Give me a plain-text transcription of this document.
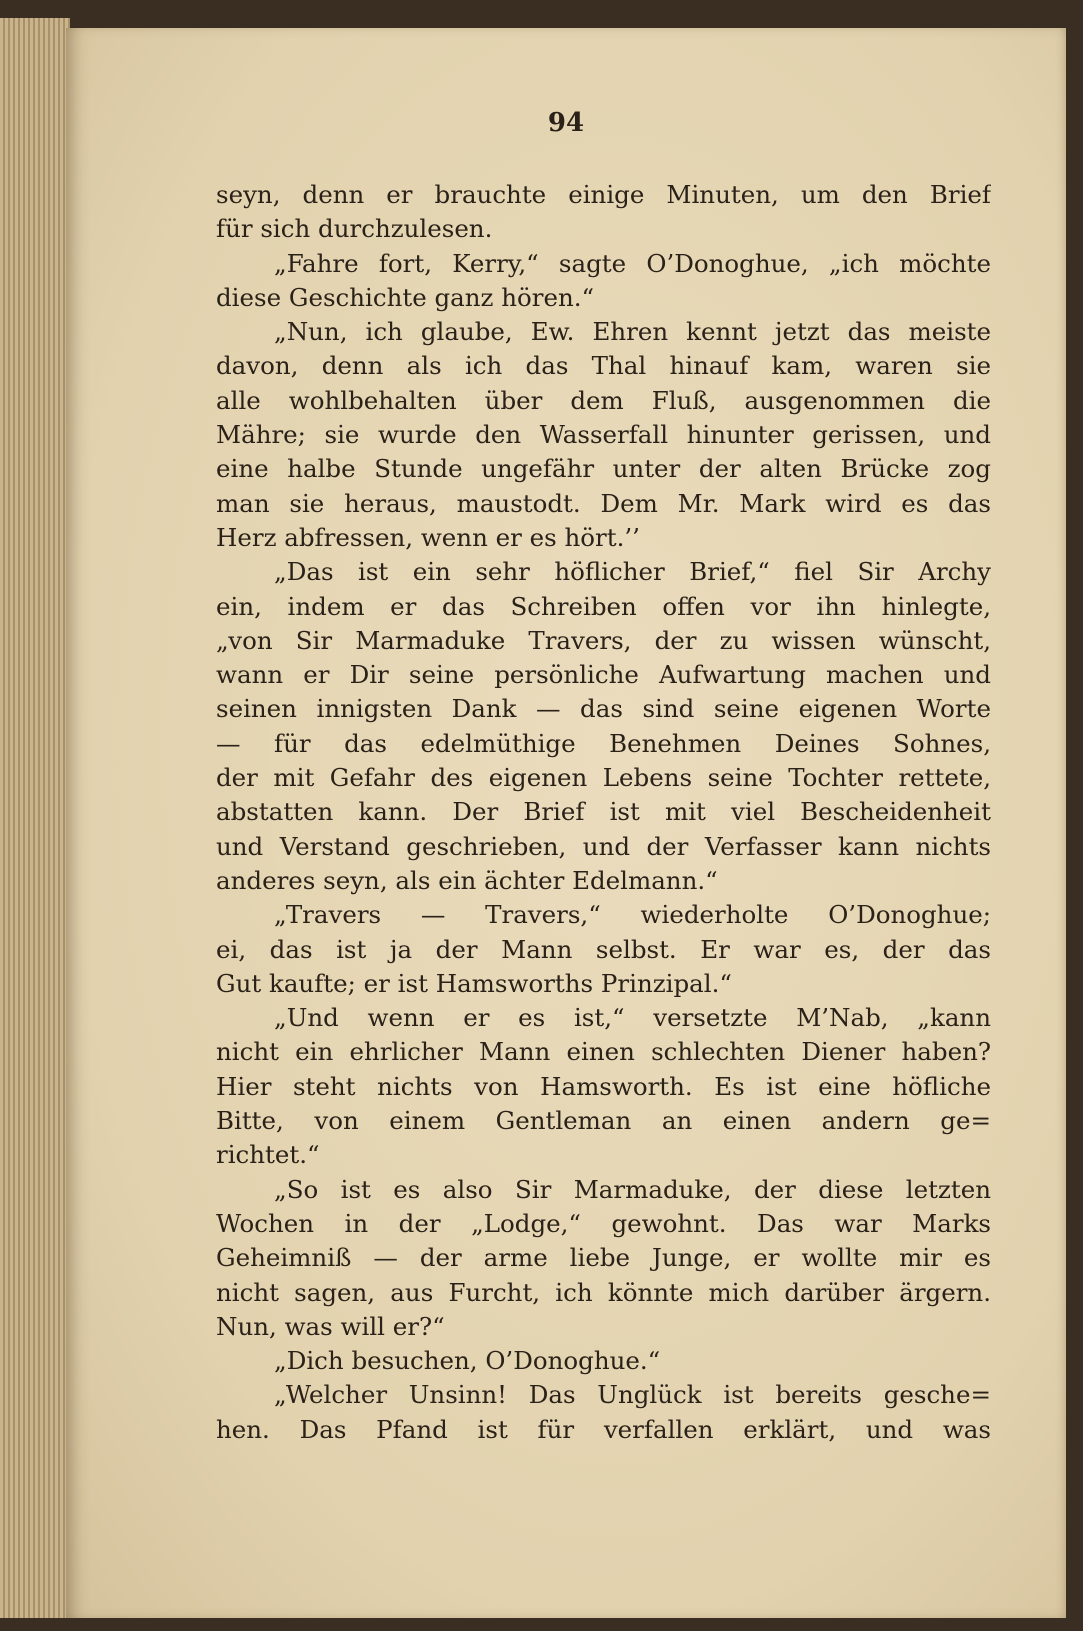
94

seyn, denn er brauchte einige Minuten, um den Brief
für sich durchzulesen.
„Fahre fort, Kerry,“ sagte O’Donoghue, „ich möchte
diese Geschichte ganz hören.“
„Nun, ich glaube, Ew. Ehren kennt jetzt das meiste
davon, denn als ich das Thal hinauf kam, waren sie
alle wohlbehalten über dem Fluß, ausgenommen die
Mähre; sie wurde den Wasserfall hinunter gerissen, und
eine halbe Stunde ungefähr unter der alten Brücke zog
man sie heraus, maustodt. Dem Mr. Mark wird es das
Herz abfressen, wenn er es hört.’’
„Das ist ein sehr höflicher Brief,“ fiel Sir Archy
ein, indem er das Schreiben offen vor ihn hinlegte,
„von Sir Marmaduke Travers, der zu wissen wünscht,
wann er Dir seine persönliche Aufwartung machen und
seinen innigsten Dank — das sind seine eigenen Worte
— für das edelmüthige Benehmen Deines Sohnes,
der mit Gefahr des eigenen Lebens seine Tochter rettete,
abstatten kann. Der Brief ist mit viel Bescheidenheit
und Verstand geschrieben, und der Verfasser kann nichts
anderes seyn, als ein ächter Edelmann.“
„Travers — Travers,“ wiederholte O’Donoghue;
ei, das ist ja der Mann selbst. Er war es, der das
Gut kaufte; er ist Hamsworths Prinzipal.“
„Und wenn er es ist,“ versetzte M’Nab, „kann
nicht ein ehrlicher Mann einen schlechten Diener haben?
Hier steht nichts von Hamsworth. Es ist eine höfliche
Bitte, von einem Gentleman an einen andern ge=
richtet.“
„So ist es also Sir Marmaduke, der diese letzten
Wochen in der „Lodge,“ gewohnt. Das war Marks
Geheimniß — der arme liebe Junge, er wollte mir es
nicht sagen, aus Furcht, ich könnte mich darüber ärgern.
Nun, was will er?“
„Dich besuchen, O’Donoghue.“
„Welcher Unsinn! Das Unglück ist bereits gesche=
hen. Das Pfand ist für verfallen erklärt, und was
